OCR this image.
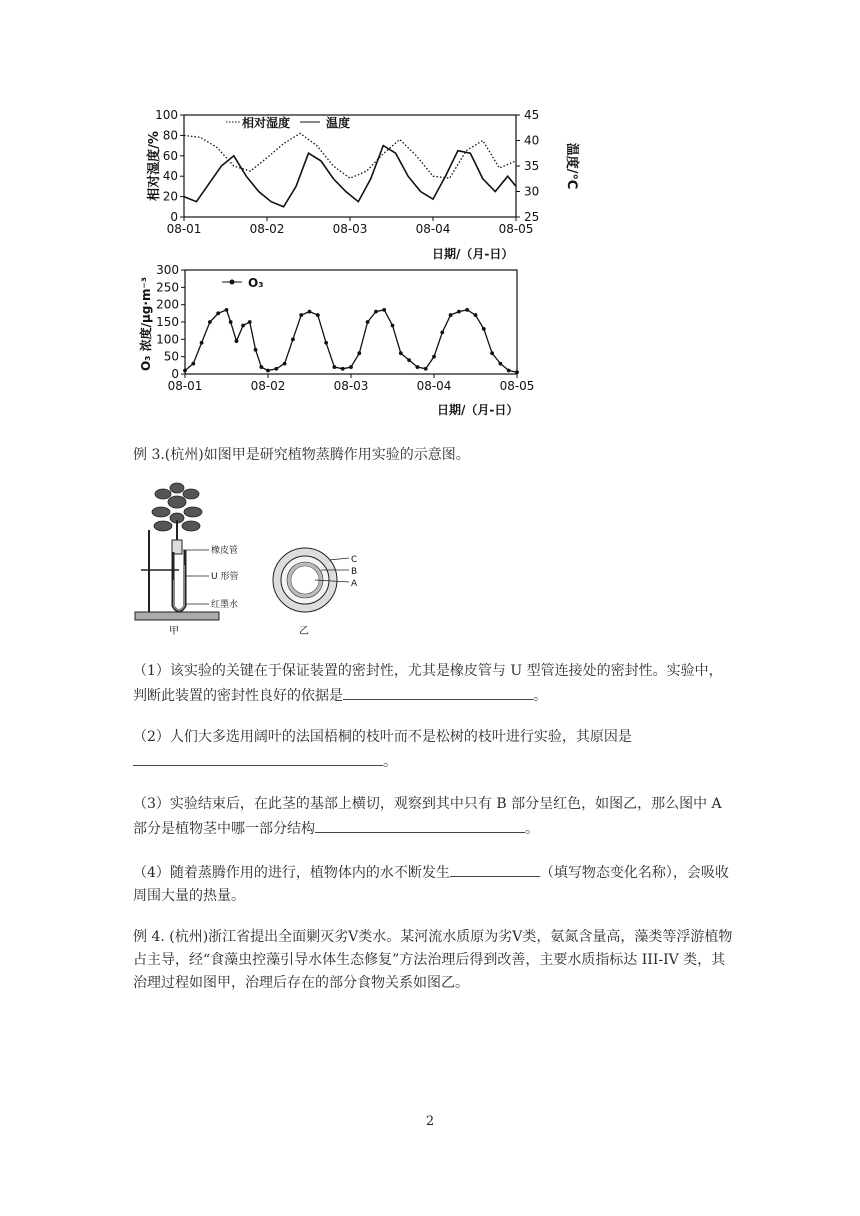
0
20
40
60
80
100
25
30
35
40
45
08-01	08-02	08-03	08-04	08-05
相对湿度	温度
相对湿度/%	温度/℃
日期/（月-日）
0
50
100
150
200
250
300
08-01	08-02	08-03	08-04	08-05
O₃
O₃ 浓度/μg·m⁻³
日期/（月-日）
例 3.(杭州)如图甲是研究植物蒸腾作用实验的示意图。
橡皮管
U 形管
红墨水
甲
C
B
A
乙
（1）该实验的关键在于保证装置的密封性，尤其是橡皮管与 U 型管连接处的密封性。实验中，判断此装置的密封性良好的依据是	。
（2）人们大多选用阔叶的法国梧桐的枝叶而不是松树的枝叶进行实验，其原因是
。
（3）实验结束后，在此茎的基部上横切，观察到其中只有 B 部分呈红色，如图乙，那么图中 A 部分是植物茎中哪一部分结构	。
（4）随着蒸腾作用的进行，植物体内的水不断发生	（填写物态变化名称），会吸收周围大量的热量。
例 4. (杭州)浙江省提出全面剿灭劣Ⅴ类水。某河流水质原为劣Ⅴ类，氨氮含量高，藻类等浮游植物占主导，经“食藻虫控藻引导水体生态修复”方法治理后得到改善，主要水质指标达 III-IV 类，其治理过程如图甲，治理后存在的部分食物关系如图乙。
2
